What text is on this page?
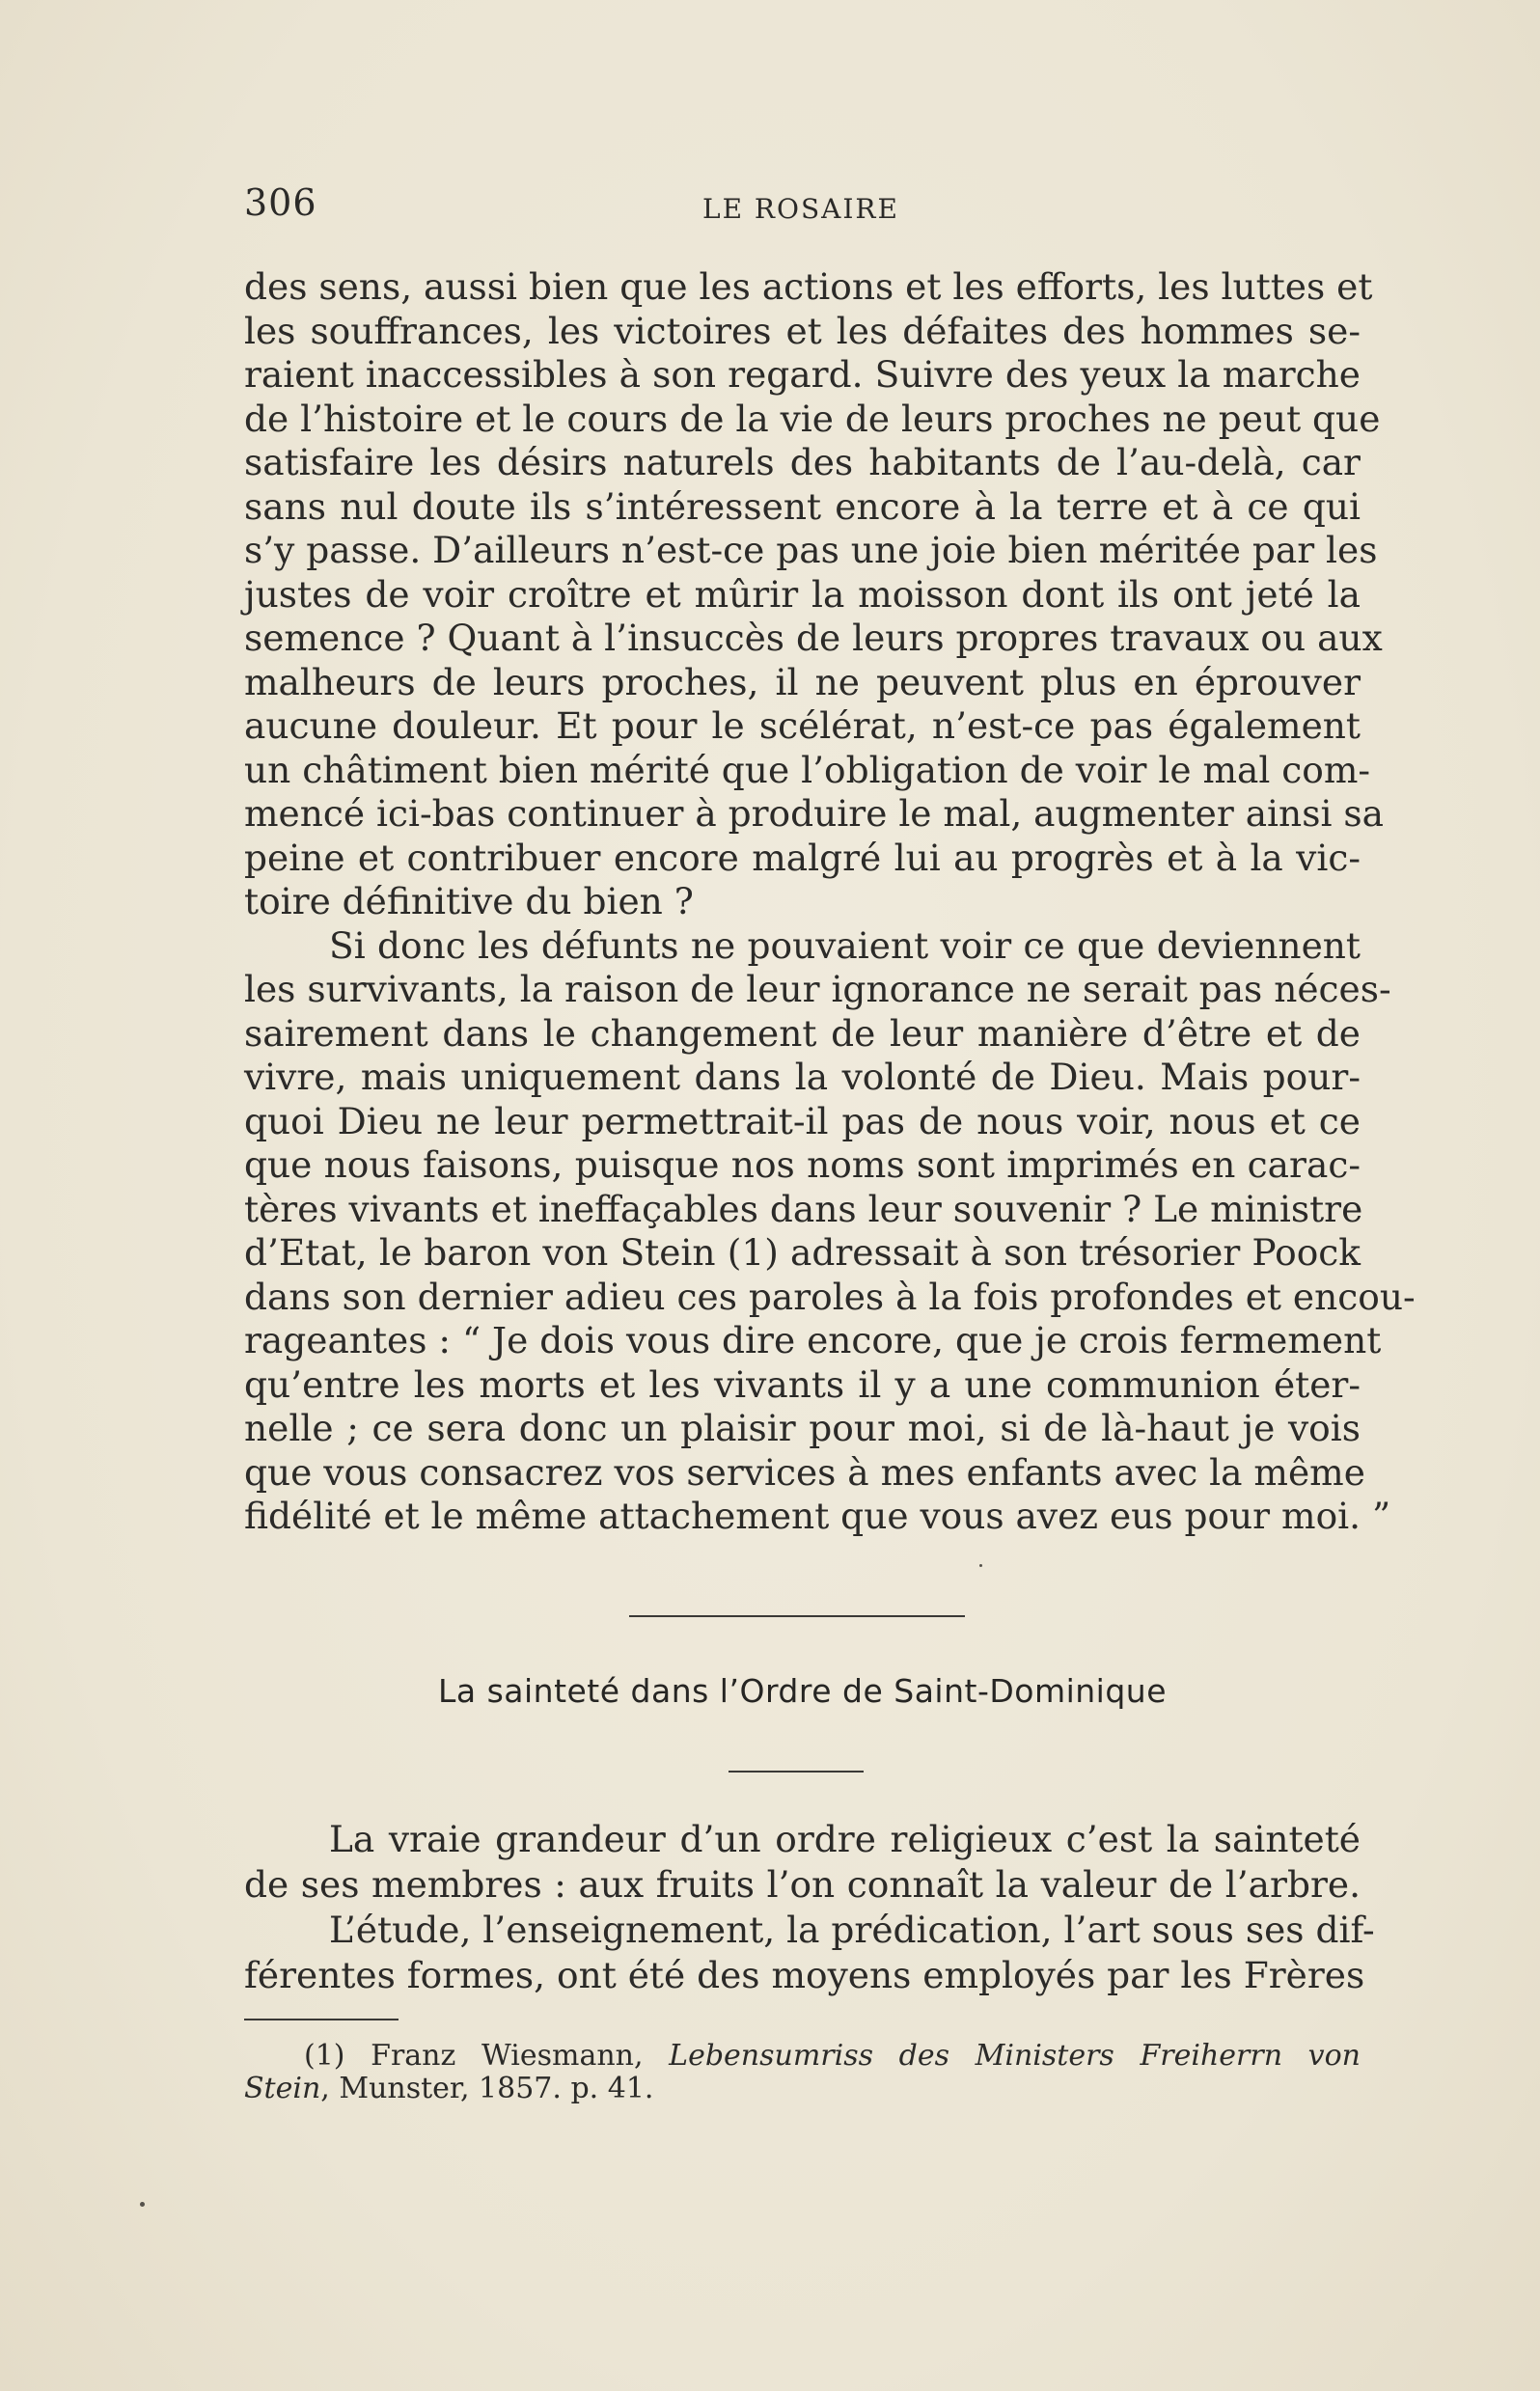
306	LE ROSAIRE
des sens, aussi bien que les actions et les efforts, les luttes et
les souffrances, les victoires et les défaites des hommes se-
raient inaccessibles à son regard. Suivre des yeux la marche
de l’histoire et le cours de la vie de leurs proches ne peut que
satisfaire les désirs naturels des habitants de l’au-delà, car
sans nul doute ils s’intéressent encore à la terre et à ce qui
s’y passe. D’ailleurs n’est-ce pas une joie bien méritée par les
justes de voir croître et mûrir la moisson dont ils ont jeté la
semence ? Quant à l’insuccès de leurs propres travaux ou aux
malheurs de leurs proches, il ne peuvent plus en éprouver
aucune douleur. Et pour le scélérat, n’est-ce pas également
un châtiment bien mérité que l’obligation de voir le mal com-
mencé ici-bas continuer à produire le mal, augmenter ainsi sa
peine et contribuer encore malgré lui au progrès et à la vic-
toire définitive du bien ?
Si donc les défunts ne pouvaient voir ce que deviennent
les survivants, la raison de leur ignorance ne serait pas néces-
sairement dans le changement de leur manière d’être et de
vivre, mais uniquement dans la volonté de Dieu. Mais pour-
quoi Dieu ne leur permettrait-il pas de nous voir, nous et ce
que nous faisons, puisque nos noms sont imprimés en carac-
tères vivants et ineffaçables dans leur souvenir ? Le ministre
d’Etat, le baron von Stein (1) adressait à son trésorier Poock
dans son dernier adieu ces paroles à la fois profondes et encou-
rageantes : “ Je dois vous dire encore, que je crois fermement
qu’entre les morts et les vivants il y a une communion éter-
nelle ; ce sera donc un plaisir pour moi, si de là-haut je vois
que vous consacrez vos services à mes enfants avec la même
fidélité et le même attachement que vous avez eus pour moi. ”
La sainteté dans l’Ordre de Saint-Dominique
La vraie grandeur d’un ordre religieux c’est la sainteté
de ses membres : aux fruits l’on connaît la valeur de l’arbre.
L’étude, l’enseignement, la prédication, l’art sous ses dif-
férentes formes, ont été des moyens employés par les Frères
(1) Franz Wiesmann, Lebensumriss des Ministers Freiherrn von
Stein, Munster, 1857. p. 41.
